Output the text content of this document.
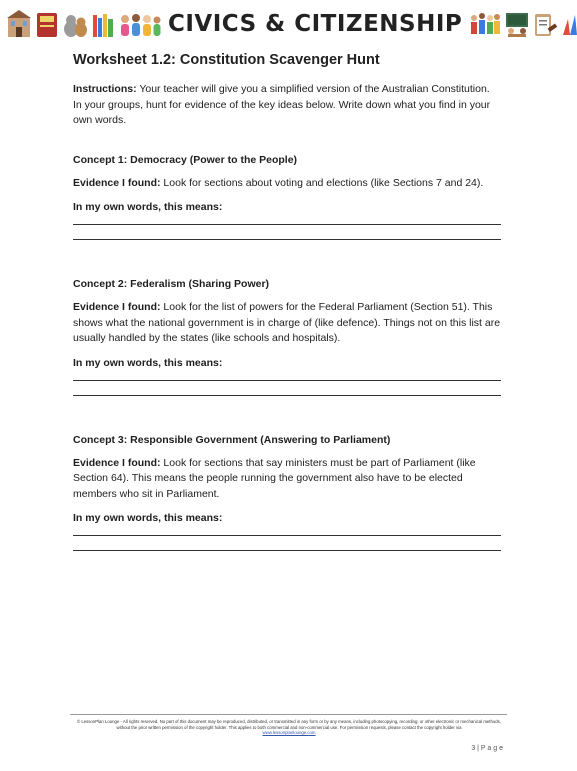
CIVICS & CITIZENSHIP
Worksheet 1.2: Constitution Scavenger Hunt

Instructions: Your teacher will give you a simplified version of the Australian Constitution. In your groups, hunt for evidence of the key ideas below. Write down what you find in your own words.

Concept 1: Democracy (Power to the People)

Evidence I found: Look for sections about voting and elections (like Sections 7 and 24).

In my own words, this means:
Concept 2: Federalism (Sharing Power)

Evidence I found: Look for the list of powers for the Federal Parliament (Section 51). This shows what the national government is in charge of (like defence). Things not on this list are usually handled by the states (like schools and hospitals).

In my own words, this means:
Concept 3: Responsible Government (Answering to Parliament)

Evidence I found: Look for sections that say ministers must be part of Parliament (like Section 64). This means the people running the government also have to be elected members who sit in Parliament.

In my own words, this means:
© LessonPlan Lounge - All rights reserved. No part of this document may be reproduced, distributed, or transmitted in any form or by any means, including photocopying, recording, or other electronic or mechanical methods, without the prior written permission of the copyright holder. This applies to both commercial and non-commercial use. For permission requests, please contact the copyright holder via
www.lessonplanlounge.com
3 | P a g e
